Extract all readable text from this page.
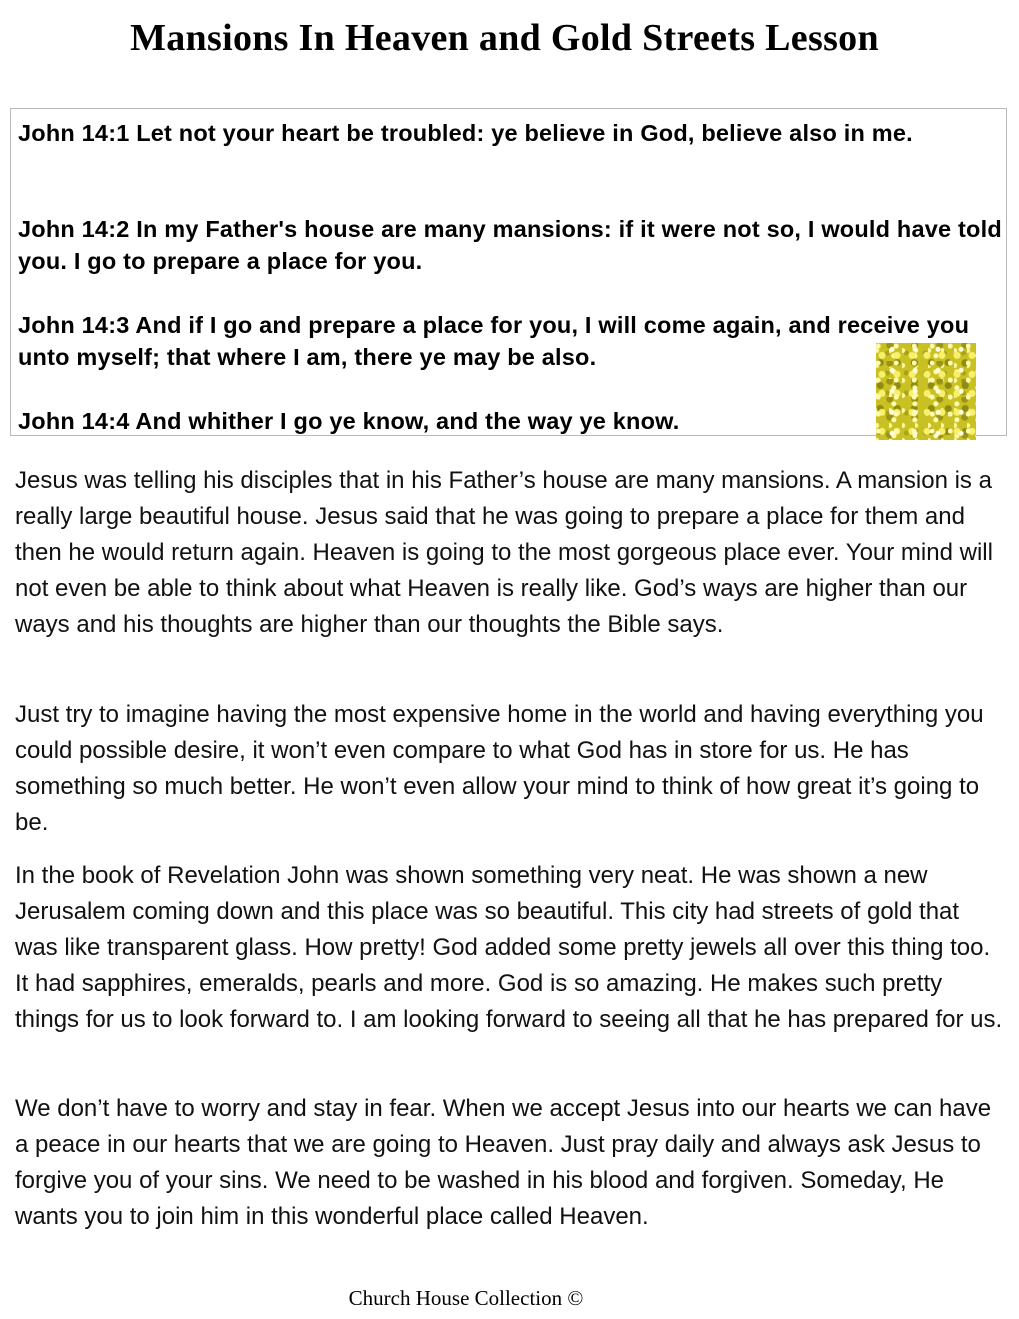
Mansions In Heaven and Gold Streets Lesson

John 14:1 Let not your heart be troubled: ye believe in God, believe also in me.

John 14:2 In my Father's house are many mansions: if it were not so, I would have told you. I go to prepare a place for you.

John 14:3 And if I go and prepare a place for you, I will come again, and receive you unto myself; that where I am, there ye may be also.

John 14:4 And whither I go ye know, and the way ye know.

Jesus was telling his disciples that in his Father’s house are many mansions. A mansion is a really large beautiful house. Jesus said that he was going to prepare a place for them and then he would return again. Heaven is going to the most gorgeous place ever. Your mind will not even be able to think about what Heaven is really like. God’s ways are higher than our ways and his thoughts are higher than our thoughts the Bible says.

Just try to imagine having the most expensive home in the world and having everything you could possible desire, it won’t even compare to what God has in store for us. He has something so much better. He won’t even allow your mind to think of how great it’s going to be.

In the book of Revelation John was shown something very neat. He was shown a new Jerusalem coming down and this place was so beautiful. This city had streets of gold that was like transparent glass. How pretty! God added some pretty jewels all over this thing too. It had sapphires, emeralds, pearls and more. God is so amazing. He makes such pretty things for us to look forward to. I am looking forward to seeing all that he has prepared for us.

We don’t have to worry and stay in fear. When we accept Jesus into our hearts we can have a peace in our hearts that we are going to Heaven. Just pray daily and always ask Jesus to forgive you of your sins. We need to be washed in his blood and forgiven. Someday, He wants you to join him in this wonderful place called Heaven.

Church House Collection ©
